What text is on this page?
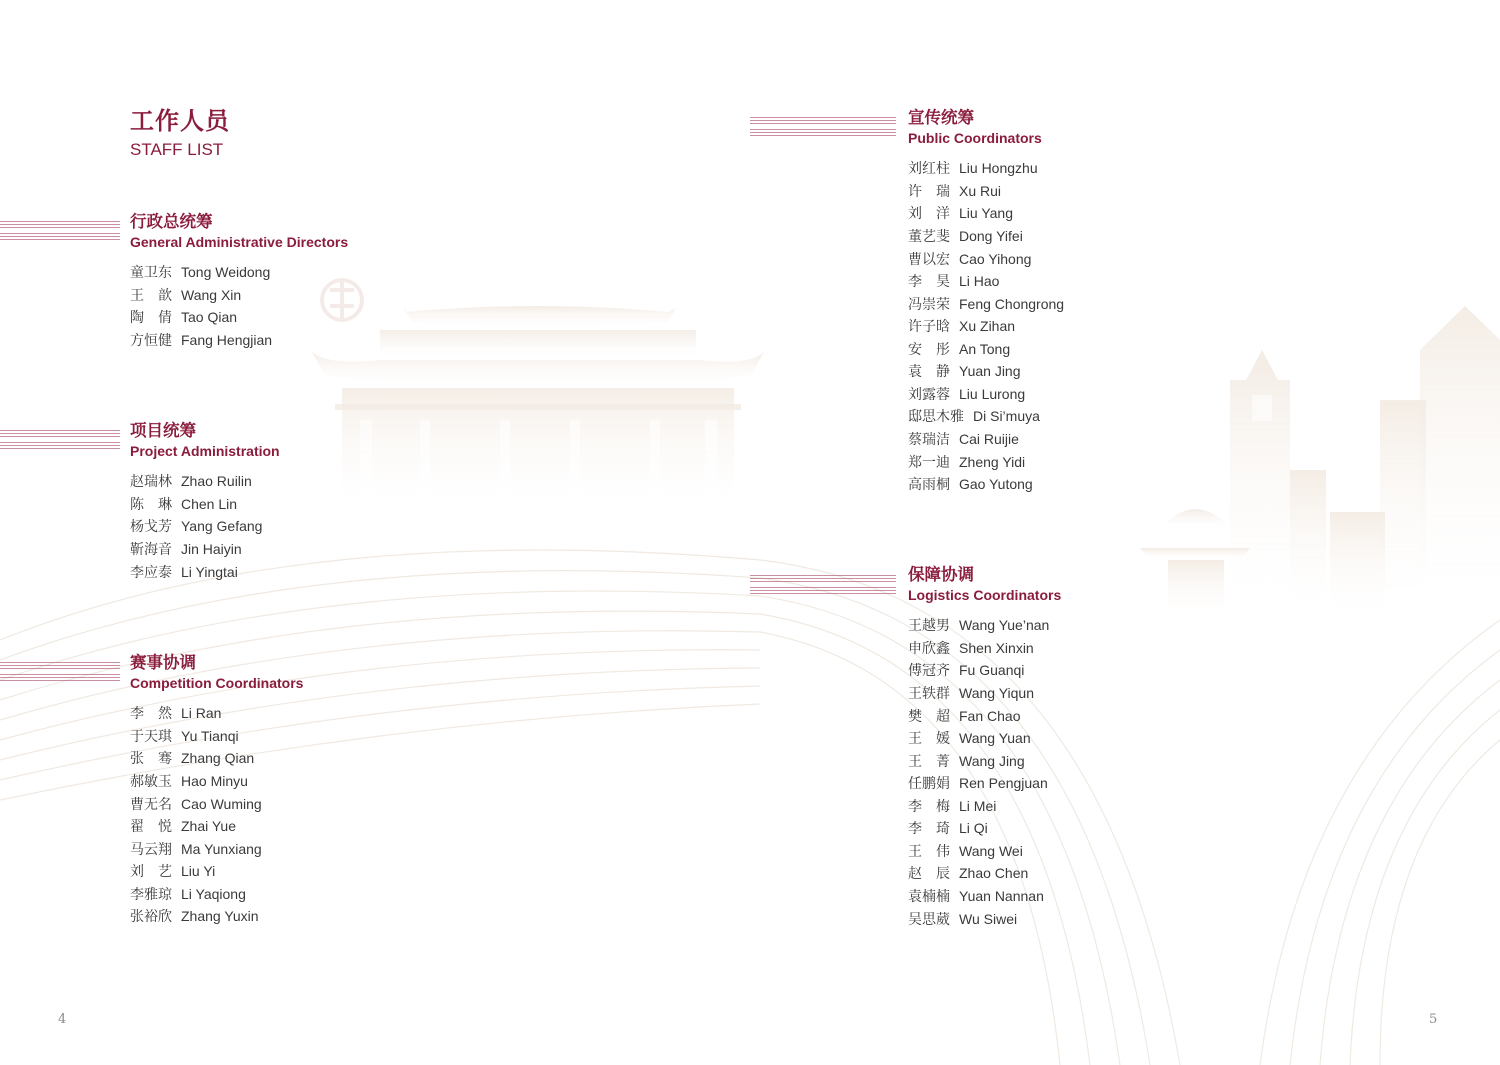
工作人员
STAFF LIST
行政总统筹
General Administrative Directors
童卫东 Tong Weidong
王　歆 Wang Xin
陶　倩 Tao Qian
方恒健 Fang Hengjian
项目统筹
Project Administration
赵瑞林 Zhao Ruilin
陈　琳 Chen Lin
杨戈芳 Yang Gefang
靳海音 Jin Haiyin
李应泰 Li Yingtai
赛事协调
Competition Coordinators
李　然 Li Ran
于天琪 Yu Tianqi
张　骞 Zhang Qian
郝敏玉 Hao Minyu
曹无名 Cao Wuming
翟　悦 Zhai Yue
马云翔 Ma Yunxiang
刘　艺 Liu Yi
李雅琼 Li Yaqiong
张裕欣 Zhang Yuxin
4
宣传统筹
Public Coordinators
刘红柱 Liu Hongzhu
许　瑞 Xu Rui
刘　洋 Liu Yang
董艺斐 Dong Yifei
曹以宏 Cao Yihong
李　昊 Li Hao
冯崇荣 Feng Chongrong
许子晗 Xu Zihan
安　彤 An Tong
袁　静 Yuan Jing
刘露蓉 Liu Lurong
邸思木雅 Di Si’muya
蔡瑞洁 Cai Ruijie
郑一迪 Zheng Yidi
高雨桐 Gao Yutong
保障协调
Logistics Coordinators
王越男 Wang Yue’nan
申欣鑫 Shen Xinxin
傅冠齐 Fu Guanqi
王轶群 Wang Yiqun
樊　超 Fan Chao
王　媛 Wang Yuan
王　菁 Wang Jing
任鹏娟 Ren Pengjuan
李　梅 Li Mei
李　琦 Li Qi
王　伟 Wang Wei
赵　辰 Zhao Chen
袁楠楠 Yuan Nannan
吴思葳 Wu Siwei
5
